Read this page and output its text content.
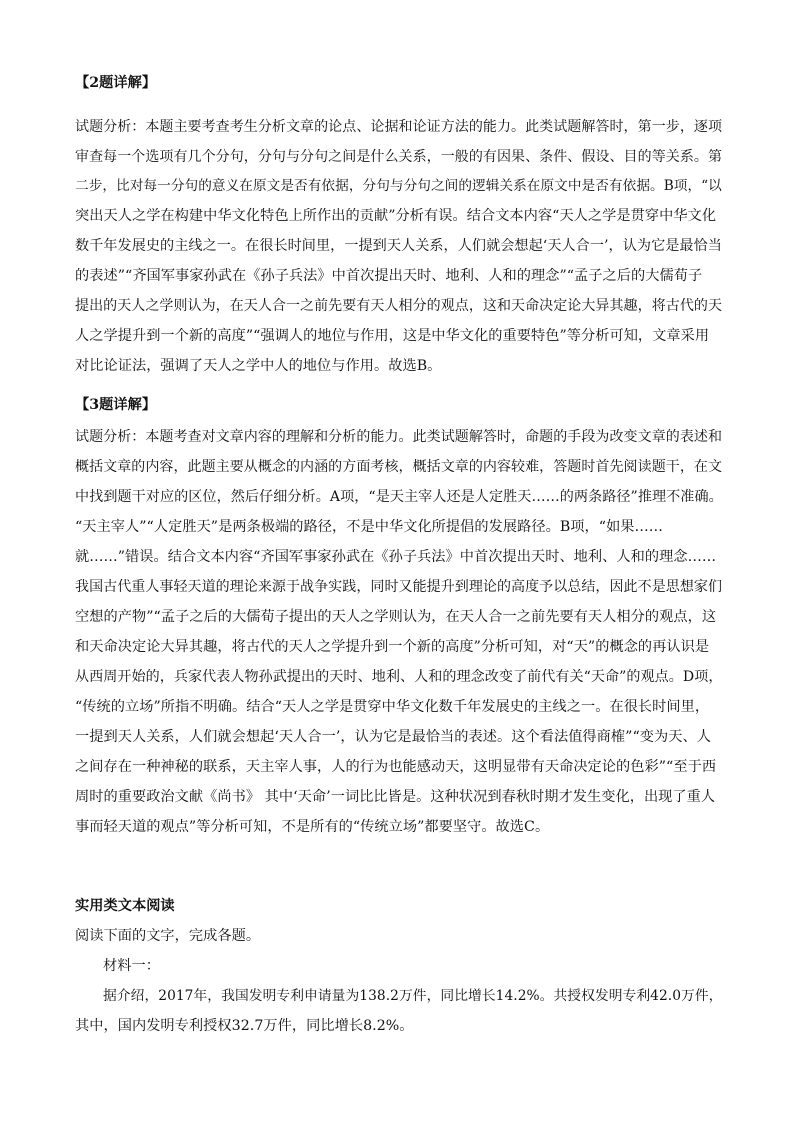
【2题详解】
试题分析：本题主要考查考生分析文章的论点、论据和论证方法的能力。此类试题解答时，第一步，逐项
审查每一个选项有几个分句，分句与分句之间是什么关系，一般的有因果、条件、假设、目的等关系。第
二步，比对每一分句的意义在原文是否有依据，分句与分句之间的逻辑关系在原文中是否有依据。B项，“以
突出天人之学在构建中华文化特色上所作出的贡献”分析有误。结合文本内容“天人之学是贯穿中华文化
数千年发展史的主线之一。在很长时间里，一提到天人关系，人们就会想起‘天人合一’，认为它是最恰当
的表述”“齐国军事家孙武在《孙子兵法》中首次提出天时、地利、人和的理念”“孟子之后的大儒荀子
提出的天人之学则认为，在天人合一之前先要有天人相分的观点，这和天命决定论大异其趣，将古代的天
人之学提升到一个新的高度”“强调人的地位与作用，这是中华文化的重要特色”等分析可知，文章采用
对比论证法，强调了天人之学中人的地位与作用。故选B。
【3题详解】
试题分析：本题考查对文章内容的理解和分析的能力。此类试题解答时，命题的手段为改变文章的表述和
概括文章的内容，此题主要从概念的内涵的方面考核，概括文章的内容较难，答题时首先阅读题干，在文
中找到题干对应的区位，然后仔细分析。A项，“是天主宰人还是人定胜天……的两条路径”推理不准确。
“天主宰人”“人定胜天”是两条极端的路径，不是中华文化所提倡的发展路径。B项，“如果……
就……”错误。结合文本内容“齐国军事家孙武在《孙子兵法》中首次提出天时、地利、人和的理念……
我国古代重人事轻天道的理论来源于战争实践，同时又能提升到理论的高度予以总结，因此不是思想家们
空想的产物”“孟子之后的大儒荀子提出的天人之学则认为，在天人合一之前先要有天人相分的观点，这
和天命决定论大异其趣，将古代的天人之学提升到一个新的高度”分析可知，对“天”的概念的再认识是
从西周开始的，兵家代表人物孙武提出的天时、地利、人和的理念改变了前代有关“天命”的观点。D项，
“传统的立场”所指不明确。结合“天人之学是贯穿中华文化数千年发展史的主线之一。在很长时间里，
一提到天人关系，人们就会想起‘天人合一’，认为它是最恰当的表述。这个看法值得商榷”“变为天、人
之间存在一种神秘的联系，天主宰人事，人的行为也能感动天，这明显带有天命决定论的色彩”“至于西
周时的重要政治文献《尚书》 其中‘天命’一词比比皆是。这种状况到春秋时期才发生变化，出现了重人
事而轻天道的观点”等分析可知，不是所有的“传统立场”都要坚守。故选C。
实用类文本阅读
阅读下面的文字，完成各题。
材料一：
据介绍，2017年，我国发明专利申请量为138.2万件，同比增长14.2%。共授权发明专利42.0万件，
其中，国内发明专利授权32.7万件，同比增长8.2%。
